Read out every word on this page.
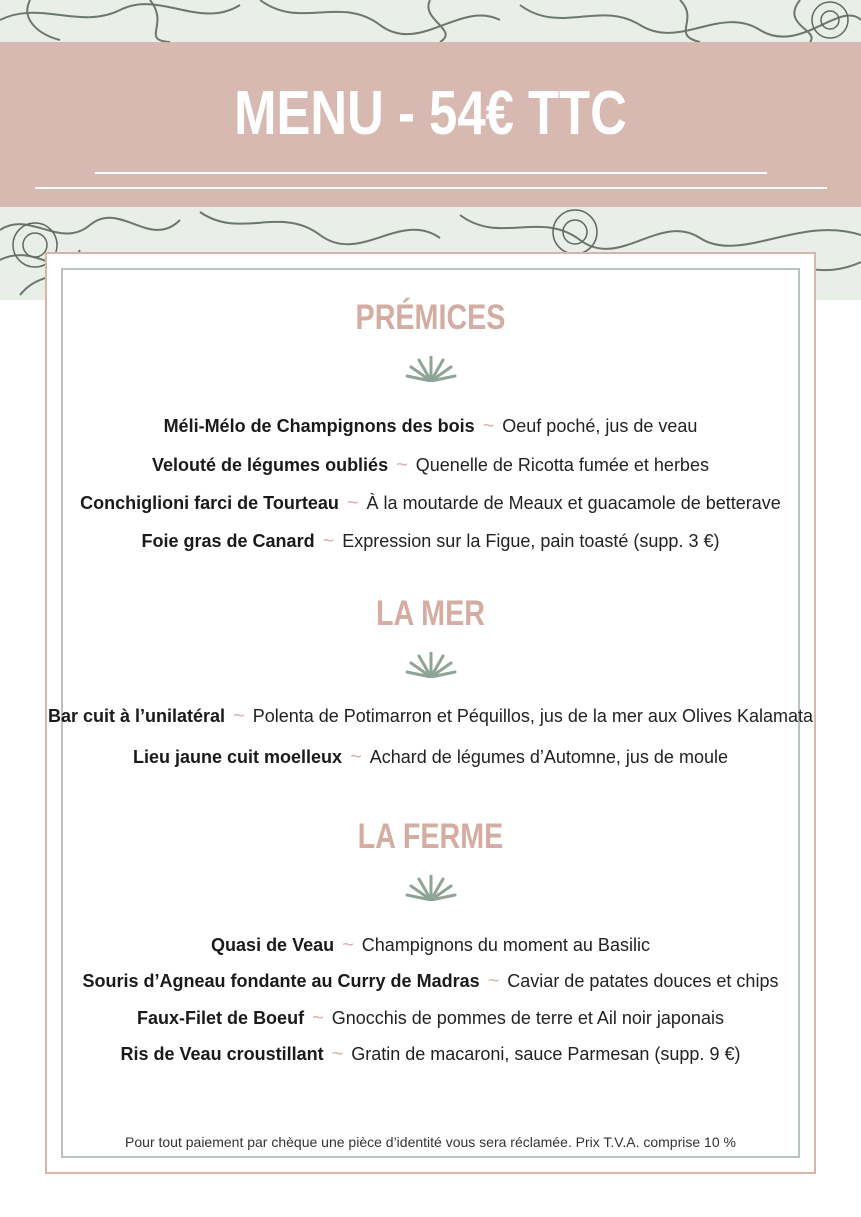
MENU - 54€ TTC
PRÉMICES
Méli-Mélo de Champignons des bois ~ Oeuf poché, jus de veau
Velouté de légumes oubliés ~ Quenelle de Ricotta fumée et herbes
Conchiglioni farci de Tourteau ~ À la moutarde de Meaux et guacamole de betterave
Foie gras de Canard ~ Expression sur la Figue, pain toasté (supp. 3 €)
LA MER
Bar cuit à l’unilatéral ~ Polenta de Potimarron et Péquillos, jus de la mer aux Olives Kalamata
Lieu jaune cuit moelleux ~ Achard de légumes d’Automne, jus de moule
LA FERME
Quasi de Veau ~ Champignons du moment au Basilic
Souris d’Agneau fondante au Curry de Madras ~ Caviar de patates douces et chips
Faux-Filet de Boeuf ~ Gnocchis de pommes de terre et Ail noir japonais
Ris de Veau croustillant ~ Gratin de macaroni, sauce Parmesan (supp. 9 €)
Pour tout paiement par chèque une pièce d’identité vous sera réclamée. Prix T.V.A. comprise 10 %
